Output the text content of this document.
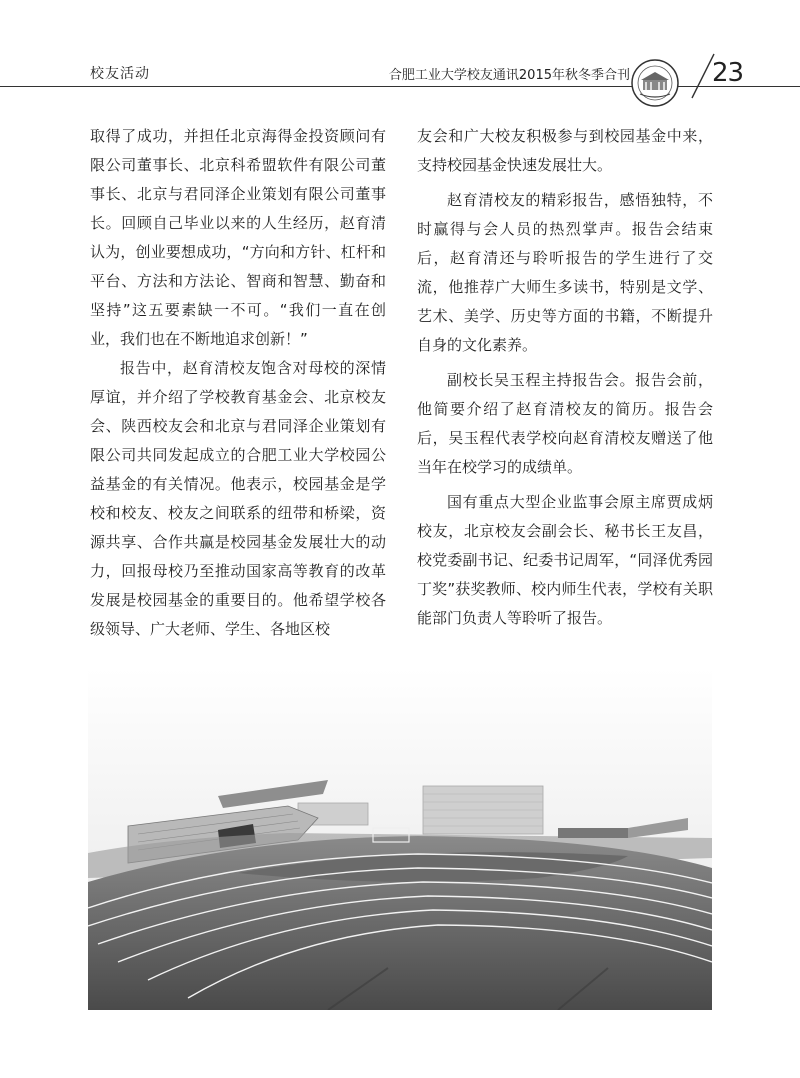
校友活动	合肥工业大学校友通讯2015年秋冬季合刊	23

取得了成功，并担任北京海得金投资顾问有限公司董事长、北京科希盟软件有限公司董事长、北京与君同泽企业策划有限公司董事长。回顾自己毕业以来的人生经历，赵育清认为，创业要想成功，“方向和方针、杠杆和平台、方法和方法论、智商和智慧、勤奋和坚持”这五要素缺一不可。“我们一直在创业，我们也在不断地追求创新！”

报告中，赵育清校友饱含对母校的深情厚谊，并介绍了学校教育基金会、北京校友会、陕西校友会和北京与君同泽企业策划有限公司共同发起成立的合肥工业大学校园公益基金的有关情况。他表示，校园基金是学校和校友、校友之间联系的纽带和桥梁，资源共享、合作共赢是校园基金发展壮大的动力，回报母校乃至推动国家高等教育的改革发展是校园基金的重要目的。他希望学校各级领导、广大老师、学生、各地区校

友会和广大校友积极参与到校园基金中来，支持校园基金快速发展壮大。

赵育清校友的精彩报告，感悟独特，不时赢得与会人员的热烈掌声。报告会结束后，赵育清还与聆听报告的学生进行了交流，他推荐广大师生多读书，特别是文学、艺术、美学、历史等方面的书籍，不断提升自身的文化素养。

副校长吴玉程主持报告会。报告会前，他简要介绍了赵育清校友的简历。报告会后，吴玉程代表学校向赵育清校友赠送了他当年在校学习的成绩单。

国有重点大型企业监事会原主席贾成炳校友，北京校友会副会长、秘书长王友昌，校党委副书记、纪委书记周军，“同泽优秀园丁奖”获奖教师、校内师生代表，学校有关职能部门负责人等聆听了报告。
